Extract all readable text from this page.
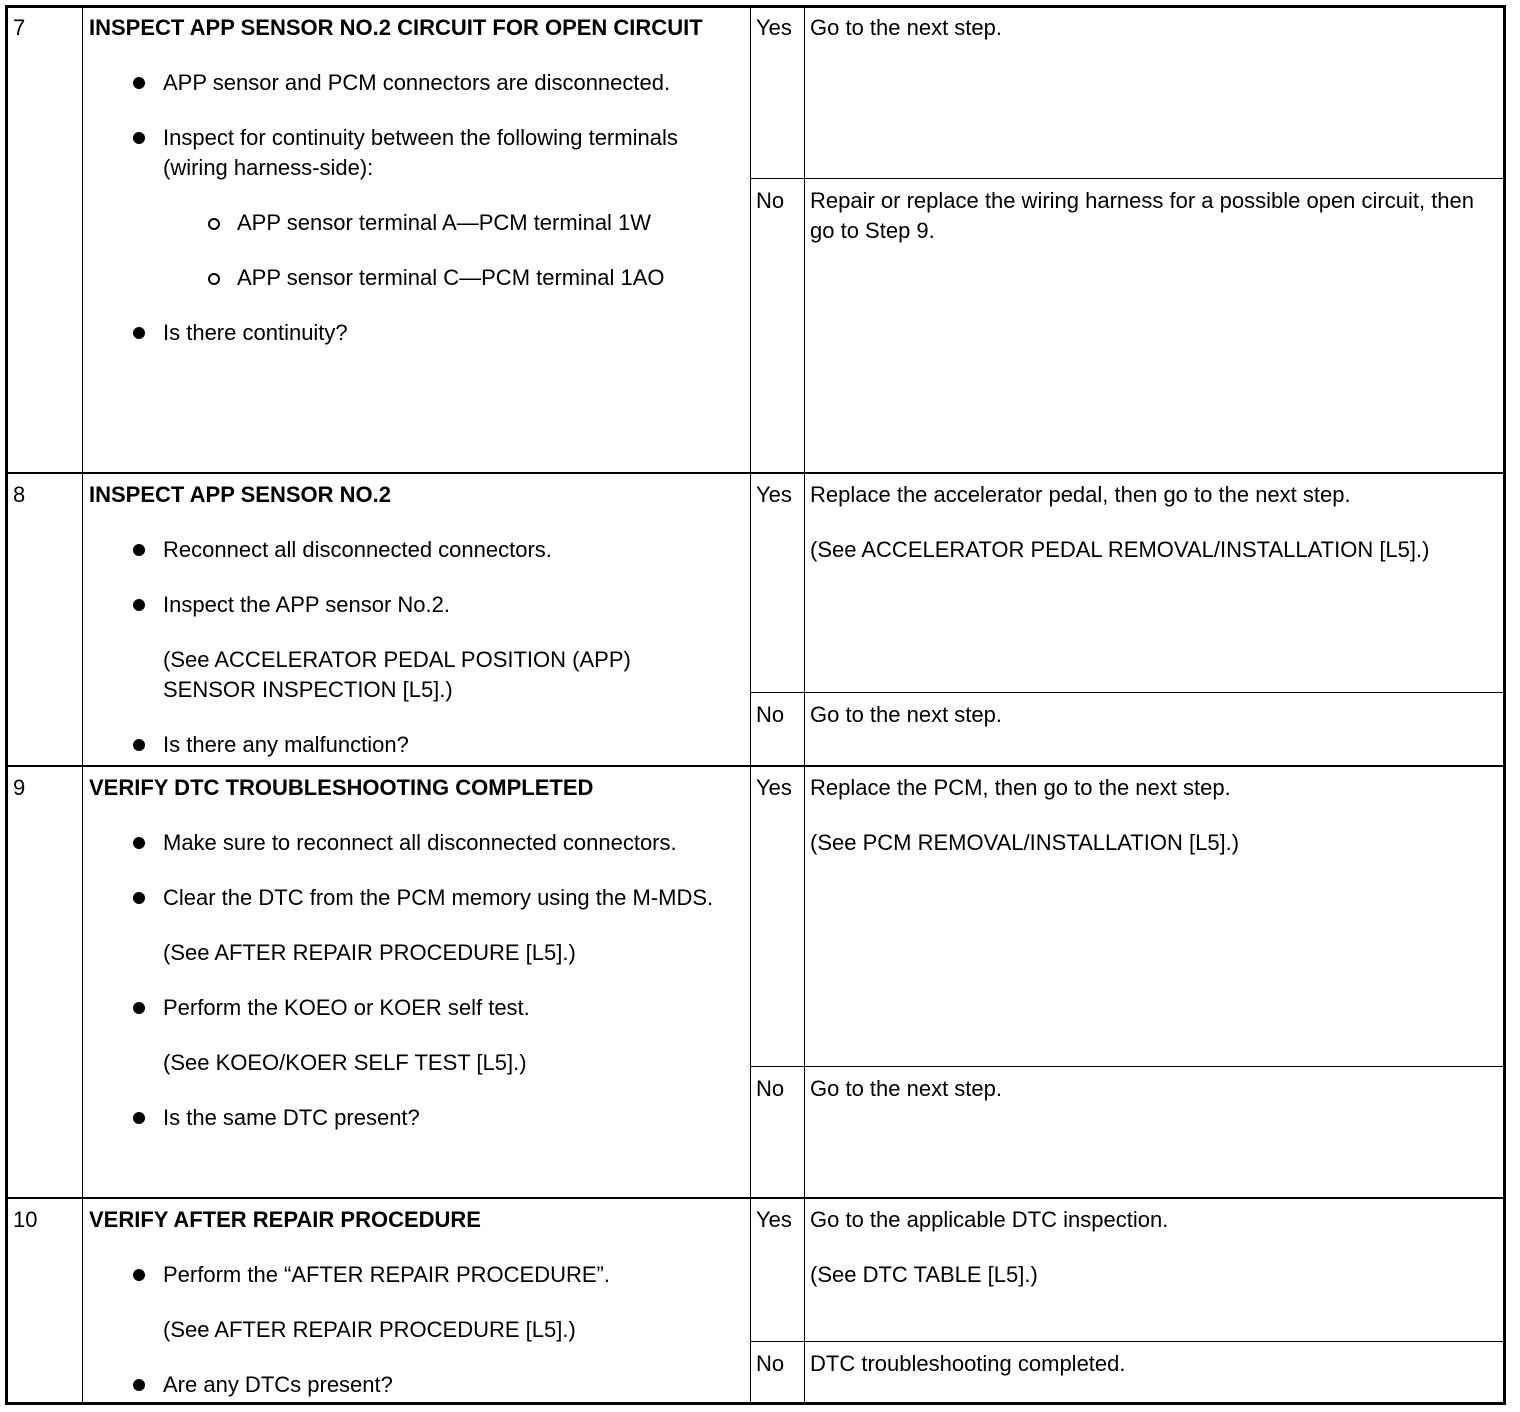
7	INSPECT APP SENSOR NO.2 CIRCUIT FOR OPEN CIRCUIT
APP sensor and PCM connectors are disconnected.
Inspect for continuity between the following terminals (wiring harness-side):
APP sensor terminal A—PCM terminal 1W
APP sensor terminal C—PCM terminal 1AO
Is there continuity?
Yes Go to the next step.
No Repair or replace the wiring harness for a possible open circuit, then go to Step 9.
8	INSPECT APP SENSOR NO.2
Reconnect all disconnected connectors.
Inspect the APP sensor No.2.
(See ACCELERATOR PEDAL POSITION (APP) SENSOR INSPECTION [L5].)
Is there any malfunction?
Yes Replace the accelerator pedal, then go to the next step.
(See ACCELERATOR PEDAL REMOVAL/INSTALLATION [L5].)
No Go to the next step.
9	VERIFY DTC TROUBLESHOOTING COMPLETED
Make sure to reconnect all disconnected connectors.
Clear the DTC from the PCM memory using the M-MDS.
(See AFTER REPAIR PROCEDURE [L5].)
Perform the KOEO or KOER self test.
(See KOEO/KOER SELF TEST [L5].)
Is the same DTC present?
Yes Replace the PCM, then go to the next step.
(See PCM REMOVAL/INSTALLATION [L5].)
No Go to the next step.
10	VERIFY AFTER REPAIR PROCEDURE
Perform the “AFTER REPAIR PROCEDURE”.
(See AFTER REPAIR PROCEDURE [L5].)
Are any DTCs present?
Yes Go to the applicable DTC inspection.
(See DTC TABLE [L5].)
No DTC troubleshooting completed.
